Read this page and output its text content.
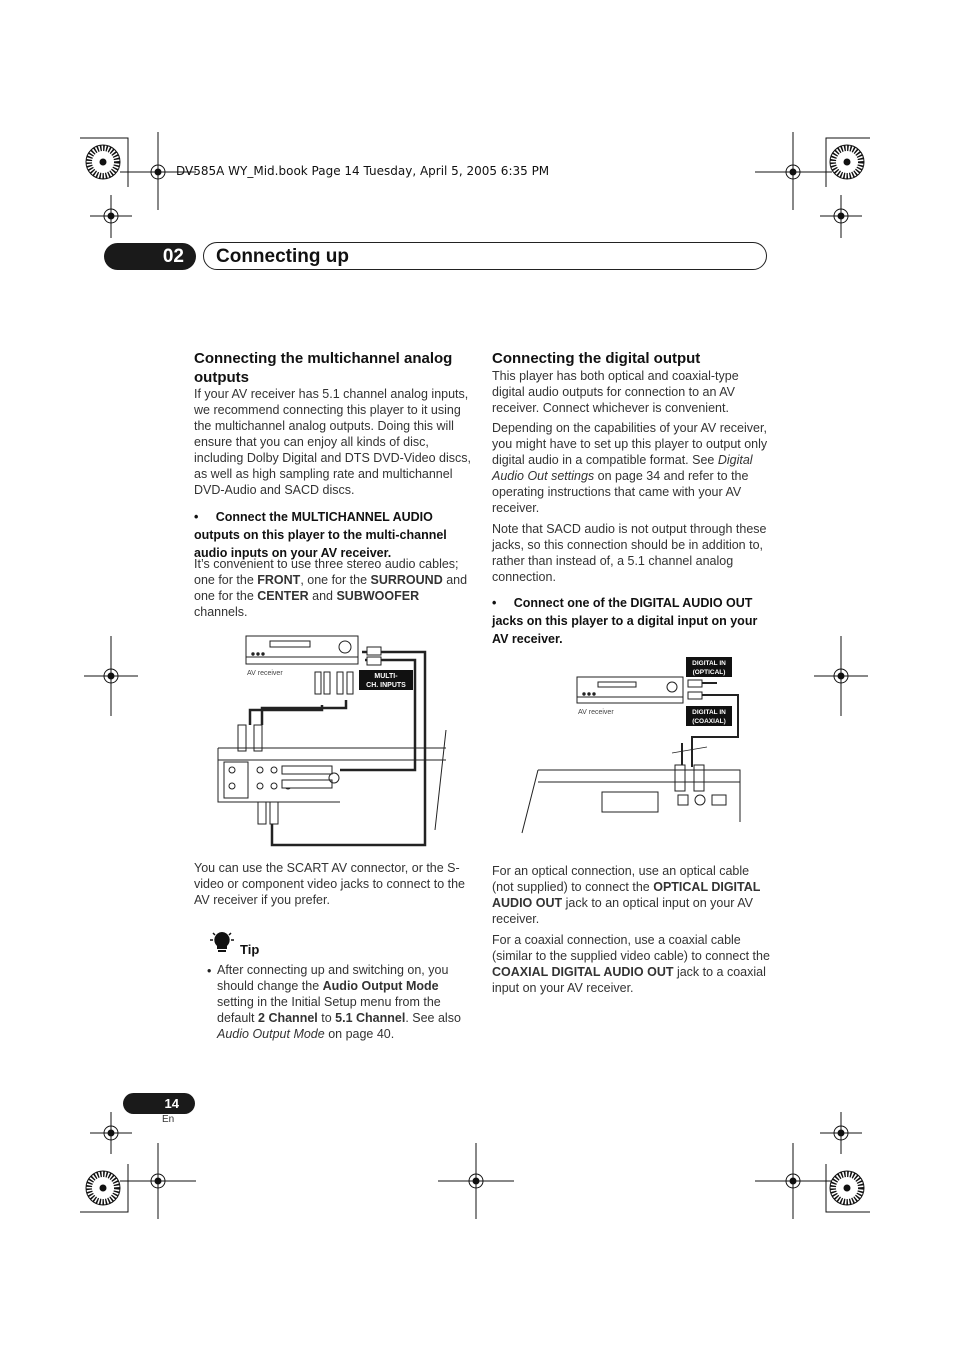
DV585A WY_Mid.book Page 14 Tuesday, April 5, 2005 6:35 PM
02	Connecting up
Connecting the multichannel analog outputs

If your AV receiver has 5.1 channel analog inputs, we recommend connecting this player to it using the multichannel analog outputs. Doing this will ensure that you can enjoy all kinds of disc, including Dolby Digital and DTS DVD-Video discs, as well as high sampling rate and multichannel DVD-Audio and SACD discs.

•     Connect the MULTICHANNEL AUDIO outputs on this player to the multi-channel audio inputs on your AV receiver.

It’s convenient to use three stereo audio cables; one for the FRONT, one for the SURROUND and one for the CENTER and SUBWOOFER channels.

AV receiver	MULTI-
CH. INPUTS

You can use the SCART AV connector, or the S-video or component video jacks to connect to the AV receiver if you prefer.

Tip
• After connecting up and switching on, you should change the Audio Output Mode setting in the Initial Setup menu from the default 2 Channel to 5.1 Channel. See also Audio Output Mode on page 40.

Connecting the digital output

This player has both optical and coaxial-type digital audio outputs for connection to an AV receiver. Connect whichever is convenient.

Depending on the capabilities of your AV receiver, you might have to set up this player to output only digital audio in a compatible format. See Digital Audio Out settings on page 34 and refer to the operating instructions that came with your AV receiver.

Note that SACD audio is not output through these jacks, so this connection should be in addition to, rather than instead of, a 5.1 channel analog connection.

•     Connect one of the DIGITAL AUDIO OUT jacks on this player to a digital input on your AV receiver.
AV receiver
DIGITAL IN
(OPTICAL)
DIGITAL IN
(COAXIAL)

For an optical connection, use an optical cable (not supplied) to connect the OPTICAL DIGITAL AUDIO OUT jack to an optical input on your AV receiver.

For a coaxial connection, use a coaxial cable (similar to the supplied video cable) to connect the COAXIAL DIGITAL AUDIO OUT jack to a coaxial input on your AV receiver.

14
En
